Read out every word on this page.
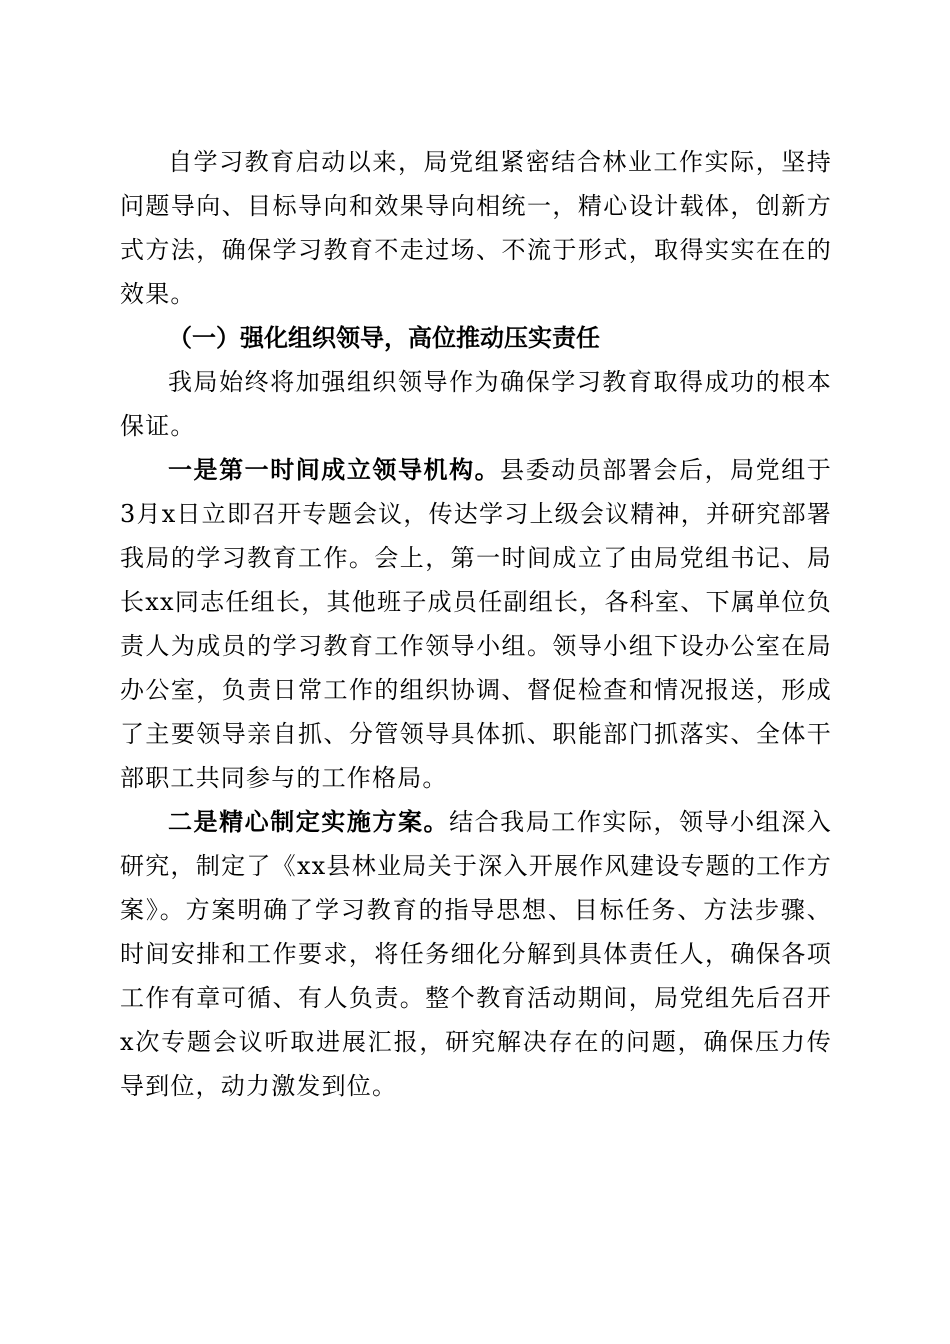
自学习教育启动以来，局党组紧密结合林业工作实际，坚持问题导向、目标导向和效果导向相统一，精心设计载体，创新方式方法，确保学习教育不走过场、不流于形式，取得实实在在的效果。

（一）强化组织领导，高位推动压实责任

我局始终将加强组织领导作为确保学习教育取得成功的根本保证。

一是第一时间成立领导机构。县委动员部署会后，局党组于3月x日立即召开专题会议，传达学习上级会议精神，并研究部署我局的学习教育工作。会上，第一时间成立了由局党组书记、局长xx同志任组长，其他班子成员任副组长，各科室、下属单位负责人为成员的学习教育工作领导小组。领导小组下设办公室在局办公室，负责日常工作的组织协调、督促检查和情况报送，形成了主要领导亲自抓、分管领导具体抓、职能部门抓落实、全体干部职工共同参与的工作格局。

二是精心制定实施方案。结合我局工作实际，领导小组深入研究，制定了《xx县林业局关于深入开展作风建设专题的工作方案》。方案明确了学习教育的指导思想、目标任务、方法步骤、时间安排和工作要求，将任务细化分解到具体责任人，确保各项工作有章可循、有人负责。整个教育活动期间，局党组先后召开x次专题会议听取进展汇报，研究解决存在的问题，确保压力传导到位，动力激发到位。
